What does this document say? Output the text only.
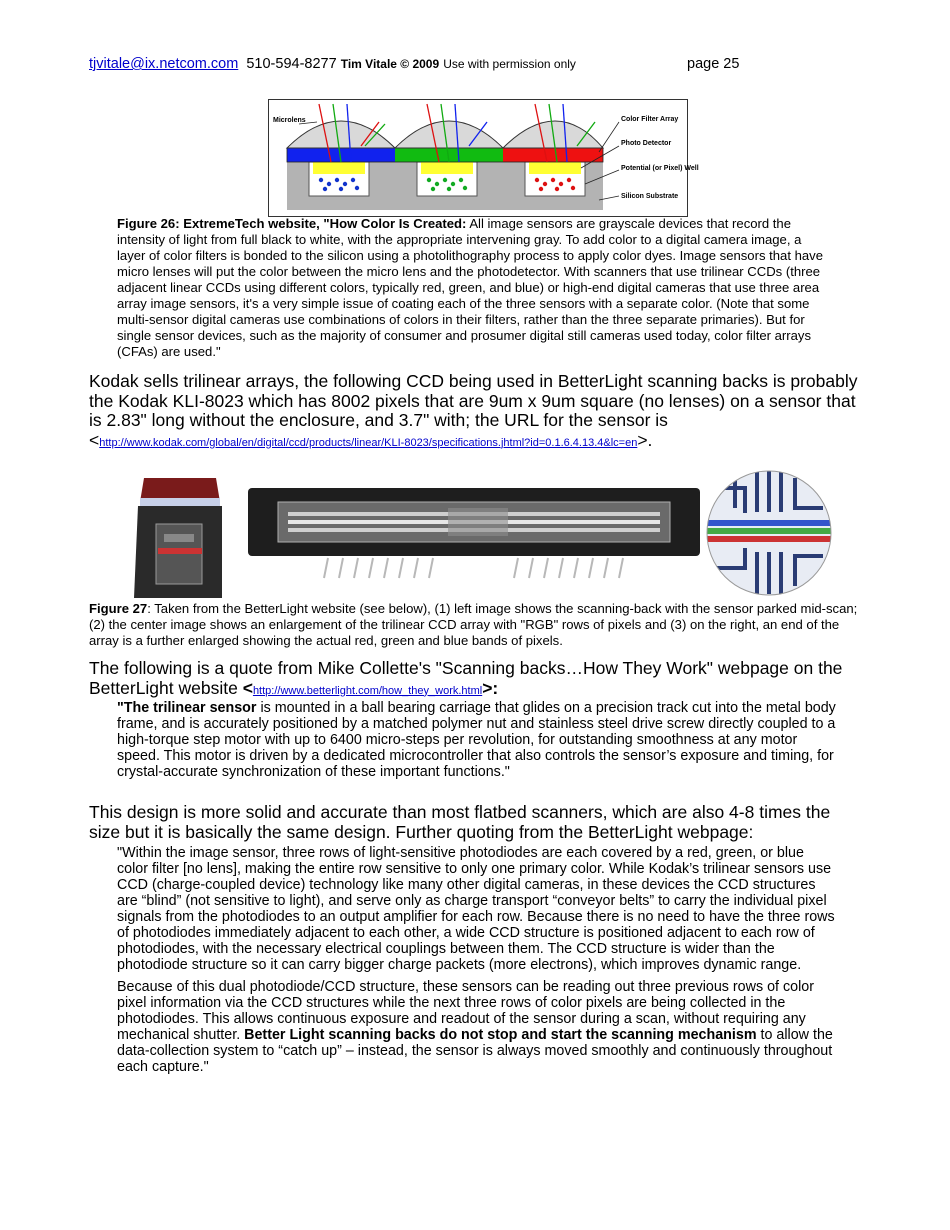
tjvitale@ix.netcom.com 510-594-8277 Tim Vitale © 2009 Use with permission only	page 25
Microlens	Color Filter Array
Photo Detector
Potential (or Pixel) Well
Silicon Substrate
Figure 26: ExtremeTech website, "How Color Is Created: All image sensors are grayscale devices that record the intensity of light from full black to white, with the appropriate intervening gray. To add color to a digital camera image, a layer of color filters is bonded to the silicon using a photolithography process to apply color dyes. Image sensors that have micro lenses will put the color between the micro lens and the photodetector. With scanners that use trilinear CCDs (three adjacent linear CCDs using different colors, typically red, green, and blue) or high-end digital cameras that use three area array image sensors, it's a very simple issue of coating each of the three sensors with a separate color. (Note that some multi-sensor digital cameras use combinations of colors in their filters, rather than the three separate primaries). But for single sensor devices, such as the majority of consumer and prosumer digital still cameras used today, color filter arrays (CFAs) are used."
Kodak sells trilinear arrays, the following CCD being used in BetterLight scanning backs is probably the Kodak KLI-8023 which has 8002 pixels that are 9um x 9um square (no lenses) on a sensor that is 2.83" long without the enclosure, and 3.7" with; the URL for the sensor is <http://www.kodak.com/global/en/digital/ccd/products/linear/KLI-8023/specifications.jhtml?id=0.1.6.4.13.4&lc=en>.
Figure 27: Taken from the BetterLight website (see below), (1) left image shows the scanning-back with the sensor parked mid-scan; (2) the center image shows an enlargement of the trilinear CCD array with "RGB" rows of pixels and (3) on the right, an end of the array is a further enlarged showing the actual red, green and blue bands of pixels.
The following is a quote from Mike Collette's "Scanning backs…How They Work" webpage on the BetterLight website <http://www.betterlight.com/how_they_work.html>:
"The trilinear sensor is mounted in a ball bearing carriage that glides on a precision track cut into the metal body frame, and is accurately positioned by a matched polymer nut and stainless steel drive screw directly coupled to a high-torque step motor with up to 6400 micro-steps per revolution, for outstanding smoothness at any motor speed. This motor is driven by a dedicated microcontroller that also controls the sensor’s exposure and timing, for crystal-accurate synchronization of these important functions."
This design is more solid and accurate than most flatbed scanners, which are also 4-8 times the size but it is basically the same design. Further quoting from the BetterLight webpage:

"Within the image sensor, three rows of light-sensitive photodiodes are each covered by a red, green, or blue color filter [no lens], making the entire row sensitive to only one primary color. While Kodak’s trilinear sensors use CCD (charge-coupled device) technology like many other digital cameras, in these devices the CCD structures are “blind” (not sensitive to light), and serve only as charge transport “conveyor belts” to carry the individual pixel signals from the photodiodes to an output amplifier for each row. Because there is no need to have the three rows of photodiodes immediately adjacent to each other, a wide CCD structure is positioned adjacent to each row of photodiodes, with the necessary electrical couplings between them. The CCD structure is wider than the photodiode structure so it can carry bigger charge packets (more electrons), which improves dynamic range.

Because of this dual photodiode/CCD structure, these sensors can be reading out three previous rows of color pixel information via the CCD structures while the next three rows of color pixels are being collected in the photodiodes. This allows continuous exposure and readout of the sensor during a scan, without requiring any mechanical shutter. Better Light scanning backs do not stop and start the scanning mechanism to allow the data-collection system to “catch up” – instead, the sensor is always moved smoothly and continuously throughout each capture."
